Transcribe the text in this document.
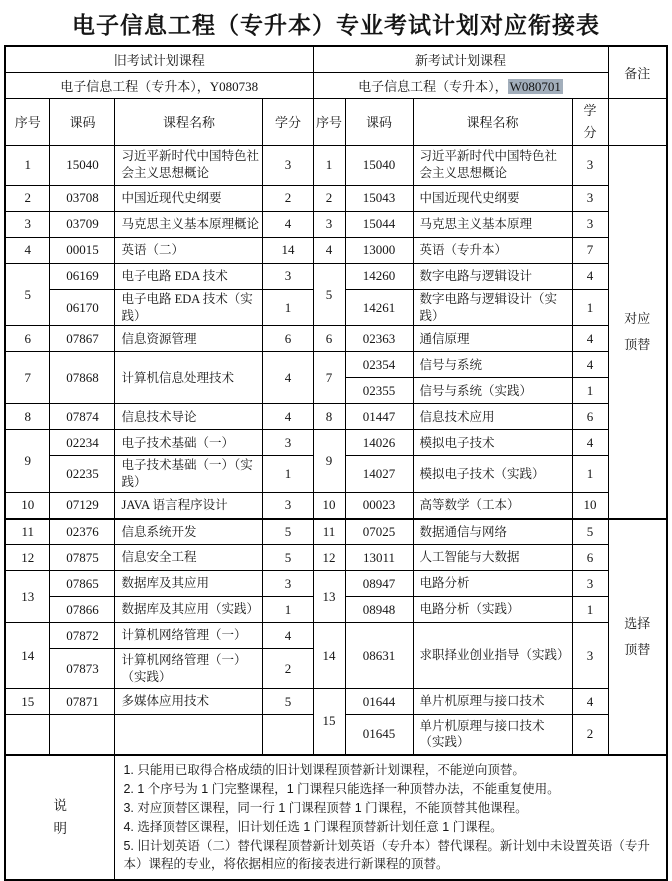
电子信息工程（专升本）专业考试计划对应衔接表
旧考试计划课程				新考试计划课程				备注
电子信息工程（专升本），Y080738				电子信息工程（专升本）， W080701				
序号	课码	课程名称	学分	序号	课码	课程名称	学分	
1	15040	习近平新时代中国特色社会主义思想概论	3	1	15040	习近平新时代中国特色社会主义思想概论	3	对应顶替
2	03708	中国近现代史纲要	2	2	15043	中国近现代史纲要	3	
3	03709	马克思主义基本原理概论	4	3	15044	马克思主义基本原理	3	
4	00015	英语（二）	14	4	13000	英语（专升本）	7	
5	06169	电子电路 EDA 技术	3	5	14260	数字电路与逻辑设计	4	
	06170	电子电路 EDA 技术（实践）	1		14261	数字电路与逻辑设计（实践）	1	
6	07867	信息资源管理	6	6	02363	通信原理	4	
7	07868	计算机信息处理技术	4	7	02354	信号与系统	4	
					02355	信号与系统（实践）	1	
8	07874	信息技术导论	4	8	01447	信息技术应用	6	
9	02234	电子技术基础（一）	3	9	14026	模拟电子技术	4	
	02235	电子技术基础（一）（实践）	1		14027	模拟电子技术（实践）	1	
10	07129	JAVA 语言程序设计	3	10	00023	高等数学（工本）	10	
11	02376	信息系统开发	5	11	07025	数据通信与网络	5	选择顶替
12	07875	信息安全工程	5	12	13011	人工智能与大数据	6	
13	07865	数据库及其应用	3	13	08947	电路分析	3	
	07866	数据库及其应用（实践）	1		08948	电路分析（实践）	1	
14	07872	计算机网络管理（一）	4	14	08631	求职择业创业指导（实践）	3	
	07873	计算机网络管理（一）（实践）	2					
15	07871	多媒体应用技术	5	15	01644	单片机原理与接口技术	4	
					01645	单片机原理与接口技术（实践）	2	
说明		1. 只能用已取得合格成绩的旧计划课程顶替新计划课程，不能逆向顶替。

2. 1 个序号为 1 门完整课程，1 门课程只能选择一种顶替办法，不能重复使用。

3. 对应顶替区课程，同一行 1 门课程顶替 1 门课程，不能顶替其他课程。

4. 选择顶替区课程，旧计划任选 1 门课程顶替新计划任意 1 门课程。

5. 旧计划英语（二）替代课程顶替新计划英语（专升本）替代课程。新计划中未设置英语（专升本）课程的专业，将依据相应的衔接表进行新课程的顶替。						
